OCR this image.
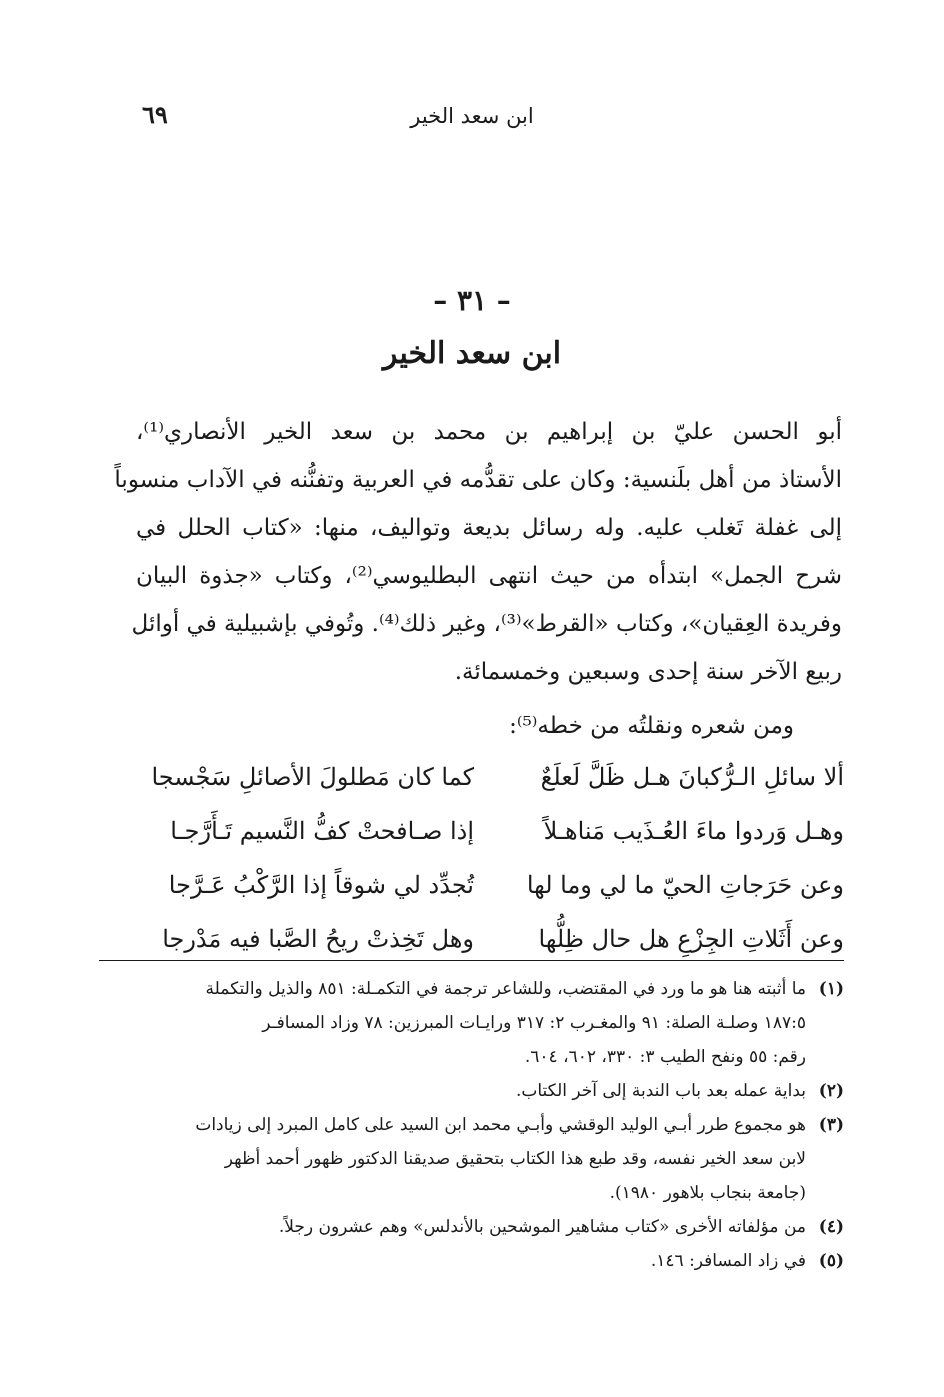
ابن سعد الخير
٦٩
– ٣١ –
ابن سعد الخير
أبو الحسن عليّ بن إبراهيم بن محمد بن سعد الخير الأنصاري⁽¹⁾،
الأستاذ من أهل بلَنسية: وكان على تقدُّمه في العربية وتفنُّنه في الآداب منسوباً
إلى غفلة تَغلب عليه. وله رسائل بديعة وتواليف، منها: «كتاب الحلل في
شرح الجمل» ابتدأه من حيث انتهى البطليوسي⁽²⁾، وكتاب «جذوة البيان
وفريدة العِقيان»، وكتاب «القرط»⁽³⁾، وغير ذلك⁽⁴⁾. وتُوفي بإشبيلية في أوائل
ربيع الآخر سنة إحدى وسبعين وخمسمائة.
ومن شعره ونقلتُه من خطه⁽⁵⁾:
ألا سائلِ الـرُّكبانَ هـل ظَلَّ لَعلَعٌ
كما كان مَطلولَ الأصائلِ سَجْسجا
وهـل وَردوا ماءَ العُـذَيب مَناهـلاً
إذا صـافحتْ كفُّ النَّسيم تَـأَرَّجـا
وعن حَرَجاتِ الحيّ ما لي وما لها
تُجدِّد لي شوقاً إذا الرَّكْبُ عَـرَّجا
وعن أَثَلاتِ الجِزْعِ هل حال ظِلُّها
وهل تَخِذتْ ريحُ الصَّبا فيه مَدْرجا
(١)
ما أثبته هنا هو ما ورد في المقتضب، وللشاعر ترجمة في التكمـلة: ٨٥١ والذيل والتكملة
١٨٧:٥ وصلـة الصلة: ٩١ والمغـرب ٢: ٣١٧ ورايـات المبرزين: ٧٨ وزاد المسافـر
رقم: ٥٥ ونفح الطيب ٣: ٣٣٠، ٦٠٢، ٦٠٤.
(٢)
بداية عمله بعد باب الندبة إلى آخر الكتاب.
(٣)
هو مجموع طرر أبـي الوليد الوقشي وأبـي محمد ابن السيد على كامل المبرد إلى زيادات
لابن سعد الخير نفسه، وقد طبع هذا الكتاب بتحقيق صديقنا الدكتور ظهور أحمد أظهر
(جامعة بنجاب بلاهور ١٩٨٠).
(٤)
من مؤلفاته الأخرى «كتاب مشاهير الموشحين بالأندلس» وهم عشرون رجلاً.
(٥)
في زاد المسافر: ١٤٦.
